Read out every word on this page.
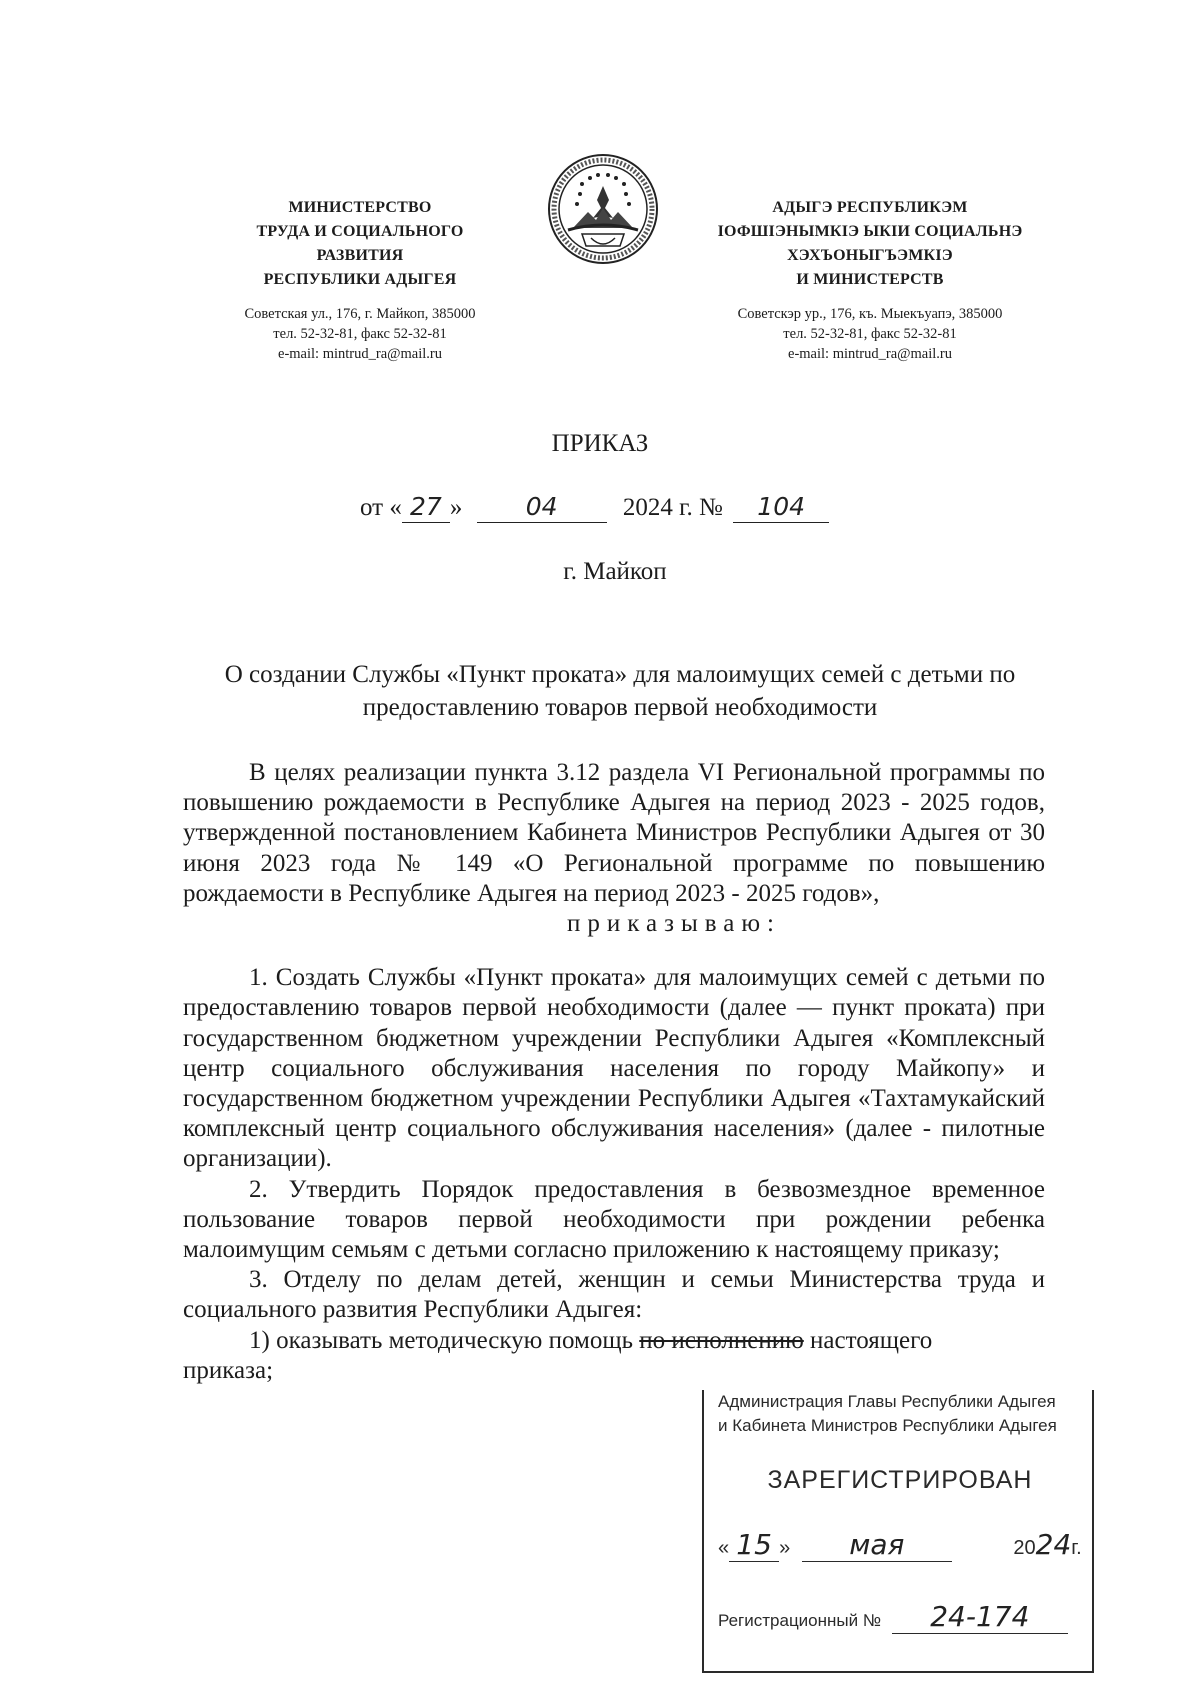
МИНИСТЕРСТВО
ТРУДА И СОЦИАЛЬНОГО
РАЗВИТИЯ
РЕСПУБЛИКИ АДЫГЕЯ
Советская ул., 176, г. Майкоп, 385000
тел. 52-32-81, факс 52-32-81
e-mail: mintrud_ra@mail.ru
АДЫГЭ РЕСПУБЛИКЭМ
IОФШIЭНЫМКIЭ ЫКIИ СОЦИАЛЬНЭ
ХЭХЪОНЫГЪЭМКIЭ
И МИНИСТЕРСТВ
Советскэр ур., 176, къ. Мыекъуапэ, 385000
тел. 52-32-81, факс 52-32-81
e-mail: mintrud_ra@mail.ru
ПРИКАЗ
от « 27 »	04	2024 г. № 104
г. Майкоп
О создании Службы «Пункт проката» для малоимущих семей с детьми по
предоставлению товаров первой необходимости

В целях реализации пункта 3.12 раздела VI Региональной программы по повышению рождаемости в Республике Адыгея на период 2023 - 2025 годов, утвержденной постановлением Кабинета Министров Республики Адыгея от 30 июня 2023 года № 149 «О Региональной программе по повышению рождаемости в Республике Адыгея на период 2023 - 2025 годов»,

приказываю:

1. Создать Службы «Пункт проката» для малоимущих семей с детьми по предоставлению товаров первой необходимости (далее — пункт проката) при государственном бюджетном учреждении Республики Адыгея «Комплексный центр социального обслуживания населения по городу Майкопу» и государственном бюджетном учреждении Республики Адыгея «Тахтамукайский комплексный центр социального обслуживания населения» (далее - пилотные организации).

2. Утвердить Порядок предоставления в безвозмездное временное пользование товаров первой необходимости при рождении ребенка малоимущим семьям с детьми согласно приложению к настоящему приказу;

3. Отделу по делам детей, женщин и семьи Министерства труда и социального развития Республики Адыгея:

1) оказывать методическую помощь по исполнению настоящего

приказа;

Администрация Главы Республики Адыгея
и Кабинета Министров Республики Адыгея
ЗАРЕГИСТРИРОВАН
« 15 » мая	2024г.
Регистрационный № 24-174
